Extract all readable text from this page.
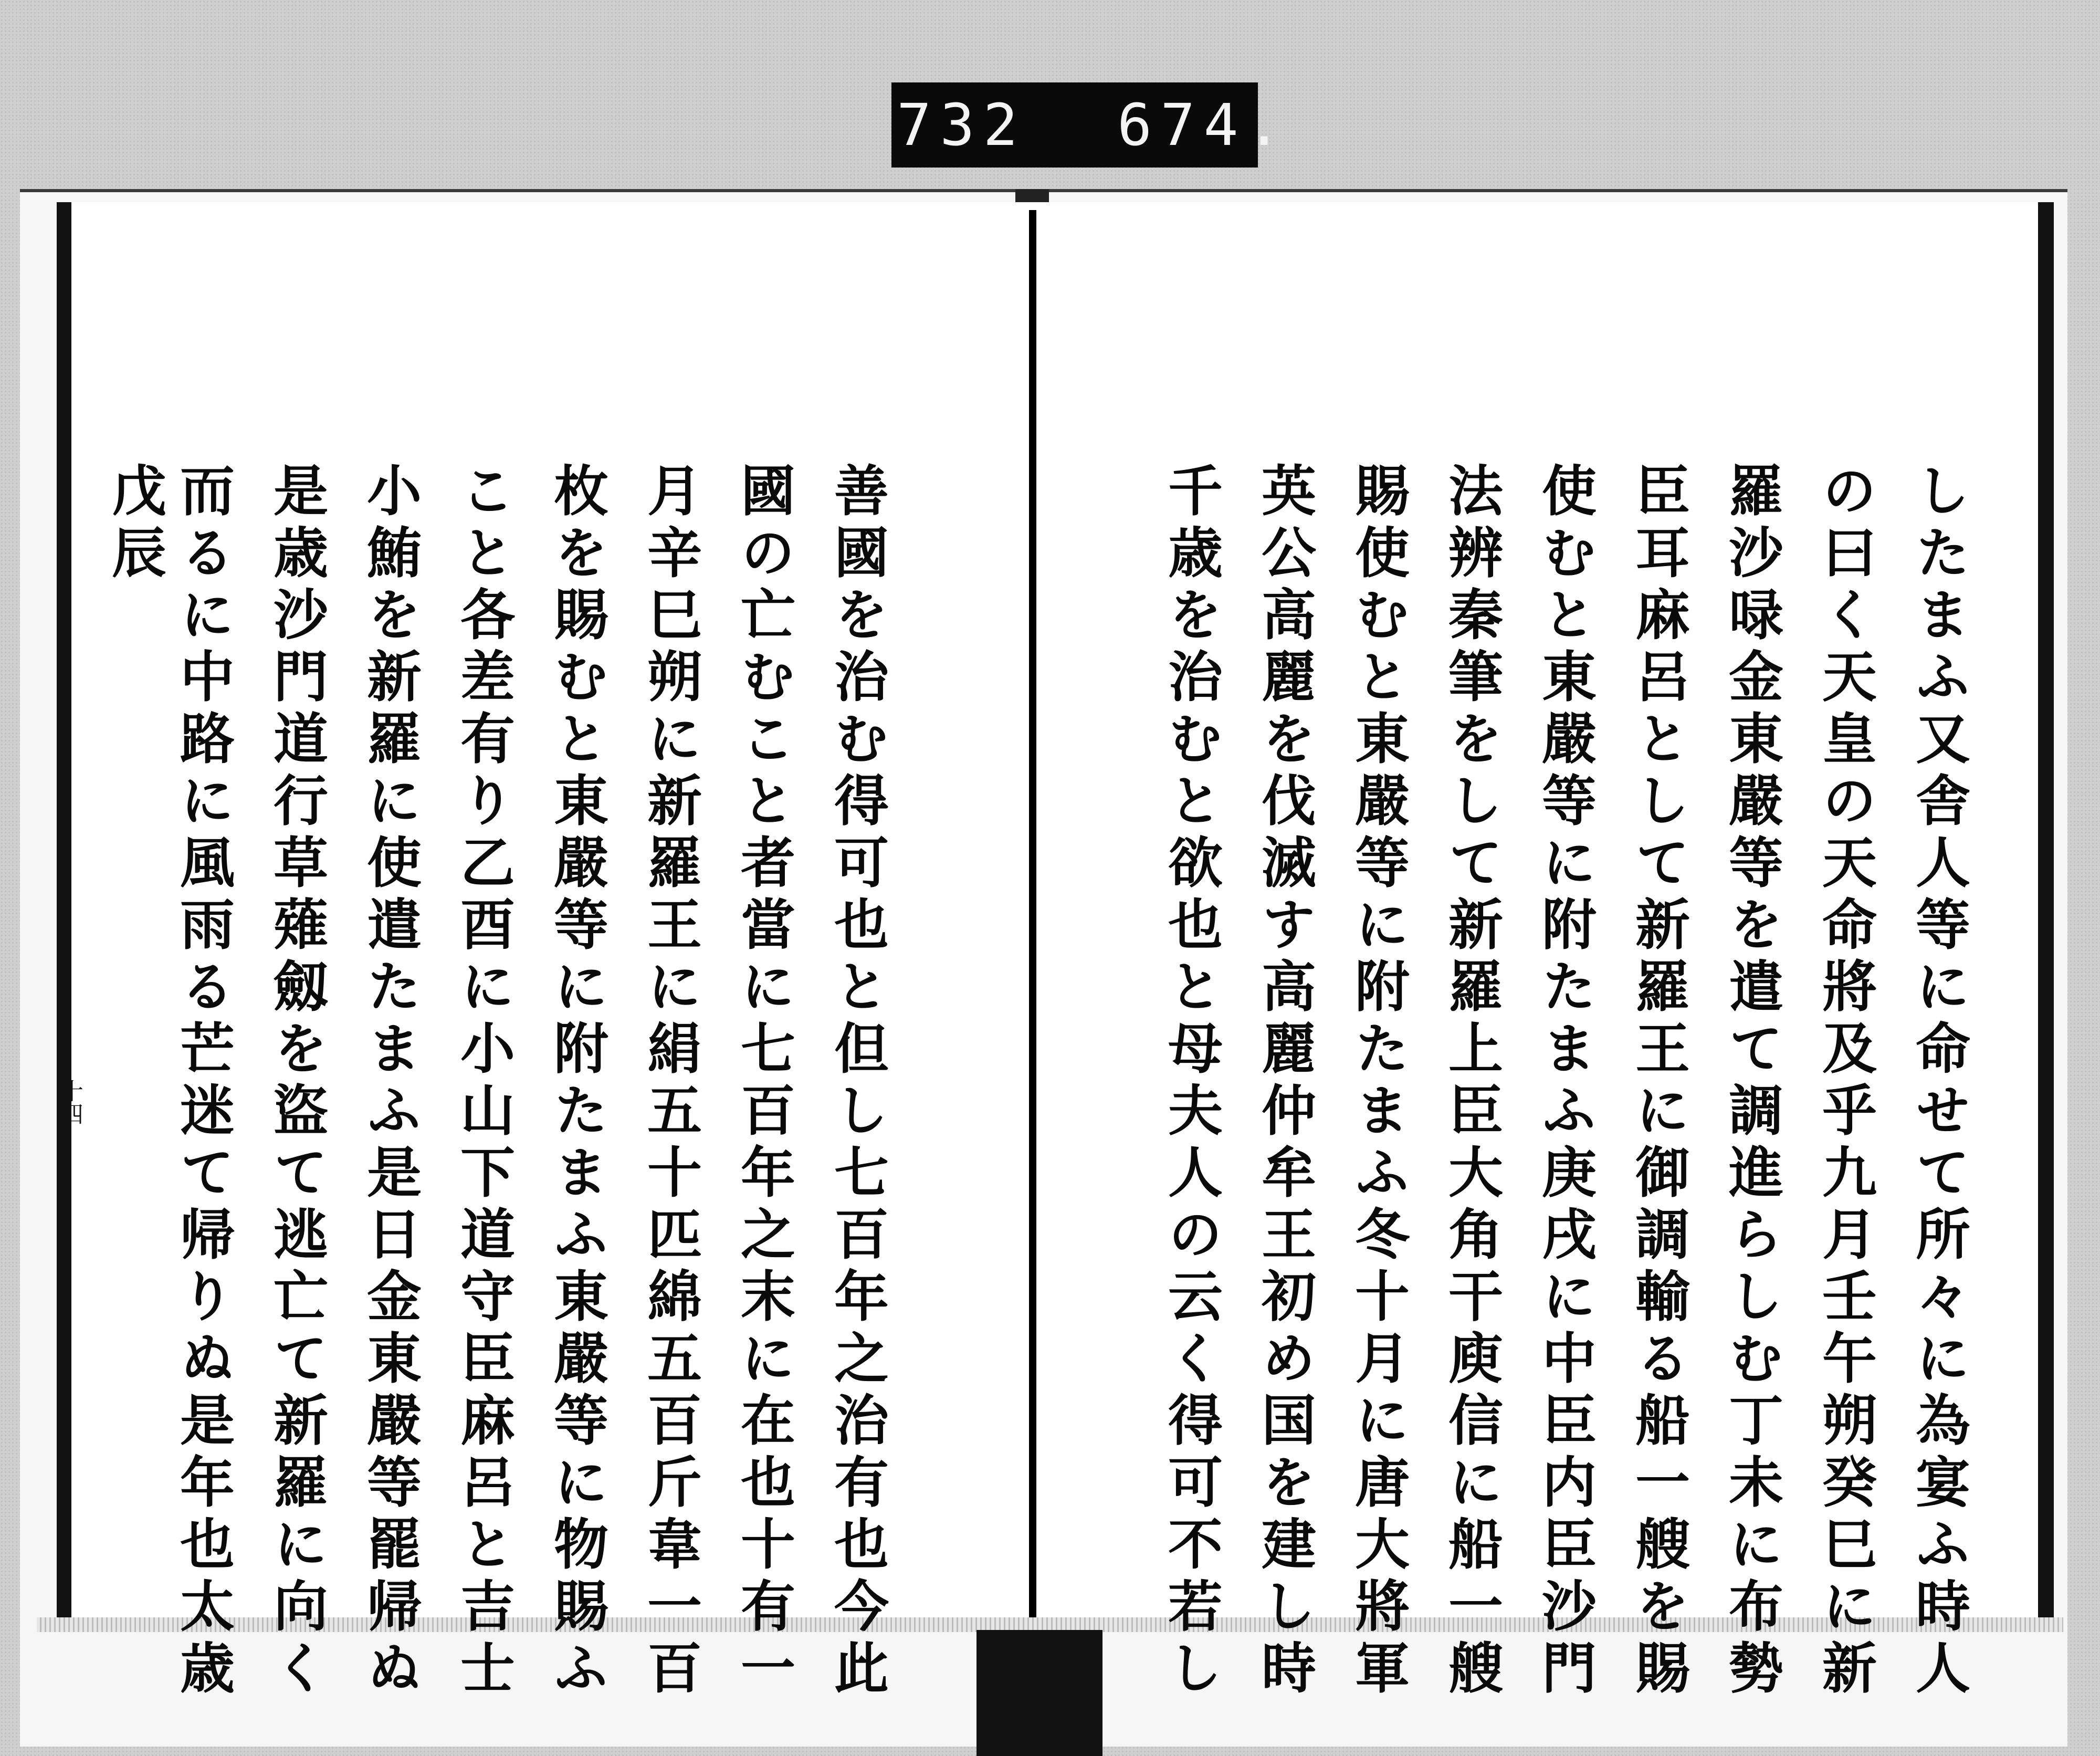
732 674.
したまふ又舎人等に命せて所々に為宴ふ時人
の曰く天皇の天命將及乎九月壬午朔癸巳に新
羅沙㖨金東嚴等を遣て調進らしむ丁未に布勢
臣耳麻呂として新羅王に御調輸る船一艘を賜
使むと東嚴等に附たまふ庚戌に中臣内臣沙門
法辨秦筆をして新羅上臣大角干庾信に船一艘
賜使むと東嚴等に附たまふ冬十月に唐大將軍
英公高麗を伐滅す高麗仲牟王初め国を建し時
千歳を治むと欲也と母夫人の云く得可不若し
善國を治む得可也と但し七百年之治有也今此
國の亡むこと者當に七百年之末に在也十有一
月辛巳朔に新羅王に絹五十匹綿五百斤韋一百
枚を賜むと東嚴等に附たまふ東嚴等に物賜ふ
こと各差有り乙酉に小山下道守臣麻呂と吉士
小鮪を新羅に使遣たまふ是日金東嚴等罷帰ぬ
是歳沙門道行草薙劔を盜て逃亡て新羅に向く
而るに中路に風雨る芒迷て帰りぬ是年也太歳
戊辰
十四
